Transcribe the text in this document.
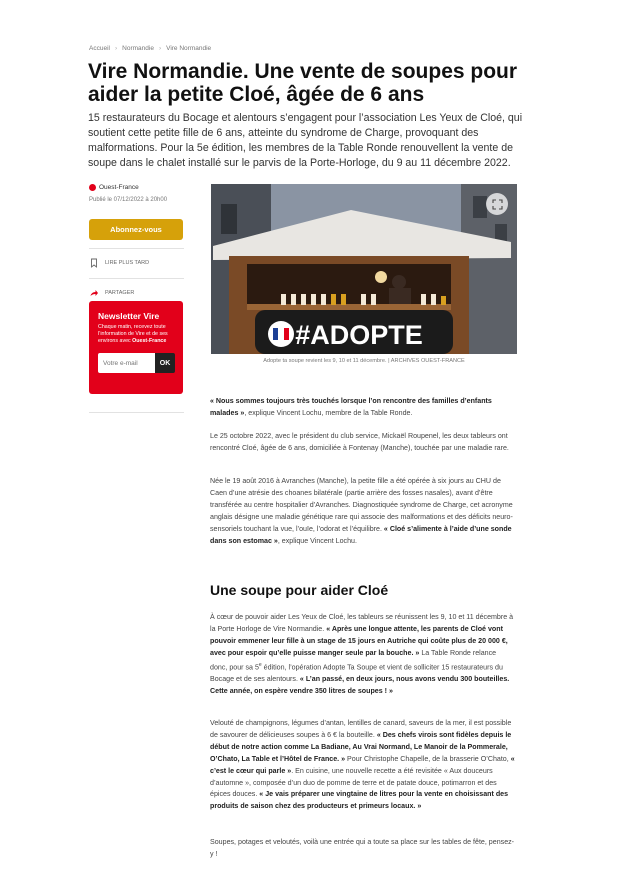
Accueil › Normandie › Vire Normandie
Vire Normandie. Une vente de soupes pour aider la petite Cloé, âgée de 6 ans

15 restaurateurs du Bocage et alentours s’engagent pour l’association Les Yeux de Cloé, qui soutient cette petite fille de 6 ans, atteinte du syndrome de Charge, provoquant des malformations. Pour la 5e édition, les membres de la Table Ronde renouvellent la vente de soupe dans le chalet installé sur le parvis de la Porte-Horloge, du 9 au 11 décembre 2022.

Ouest-France
Publié le 07/12/2022 à 20h00
Abonnez-vous
LIRE PLUS TARD
PARTAGER
Newsletter Vire
Chaque matin, recevez toute l’information de Vire et de ses environs avec Ouest-France
Votre e-mail
OK
#ADOPTE
Adopte ta soupe revient les 9, 10 et 11 décembre. | ARCHIVES OUEST-FRANCE

« Nous sommes toujours très touchés lorsque l’on rencontre des familles d’enfants malades », explique Vincent Lochu, membre de la Table Ronde.

Le 25 octobre 2022, avec le président du club service, Mickaël Roupenel, les deux tableurs ont rencontré Cloé, âgée de 6 ans, domiciliée à Fontenay (Manche), touchée par une maladie rare.

Née le 19 août 2016 à Avranches (Manche), la petite fille a été opérée à six jours au CHU de Caen d’une atrésie des choanes bilatérale (partie arrière des fosses nasales), avant d’être transférée au centre hospitalier d’Avranches. Diagnostiquée syndrome de Charge, cet acronyme anglais désigne une maladie génétique rare qui associe des malformations et des déficits neuro-sensoriels touchant la vue, l’ouïe, l’odorat et l’équilibre. « Cloé s’alimente à l’aide d’une sonde dans son estomac », explique Vincent Lochu.

Une soupe pour aider Cloé

À cœur de pouvoir aider Les Yeux de Cloé, les tableurs se réunissent les 9, 10 et 11 décembre à la Porte Horloge de Vire Normandie. « Après une longue attente, les parents de Cloé vont pouvoir emmener leur fille à un stage de 15 jours en Autriche qui coûte plus de 20 000 €, avec pour espoir qu’elle puisse manger seule par la bouche. » La Table Ronde relance donc, pour sa 5e édition, l’opération Adopte Ta Soupe et vient de solliciter 15 restaurateurs du Bocage et de ses alentours. « L’an passé, en deux jours, nous avons vendu 300 bouteilles. Cette année, on espère vendre 350 litres de soupes ! »

Velouté de champignons, légumes d’antan, lentilles de canard, saveurs de la mer, il est possible de savourer de délicieuses soupes à 6 € la bouteille. « Des chefs virois sont fidèles depuis le début de notre action comme La Badiane, Au Vrai Normand, Le Manoir de la Pommerale, O’Chato, La Table et l’Hôtel de France. » Pour Christophe Chapelle, de la brasserie O’Chato, « c’est le cœur qui parle ». En cuisine, une nouvelle recette a été revisitée « Aux douceurs d’automne », composée d’un duo de pomme de terre et de patate douce, potimarron et des épices douces. « Je vais préparer une vingtaine de litres pour la vente en choisissant des produits de saison chez des producteurs et primeurs locaux. »

Soupes, potages et veloutés, voilà une entrée qui a toute sa place sur les tables de fête, pensez-y !
